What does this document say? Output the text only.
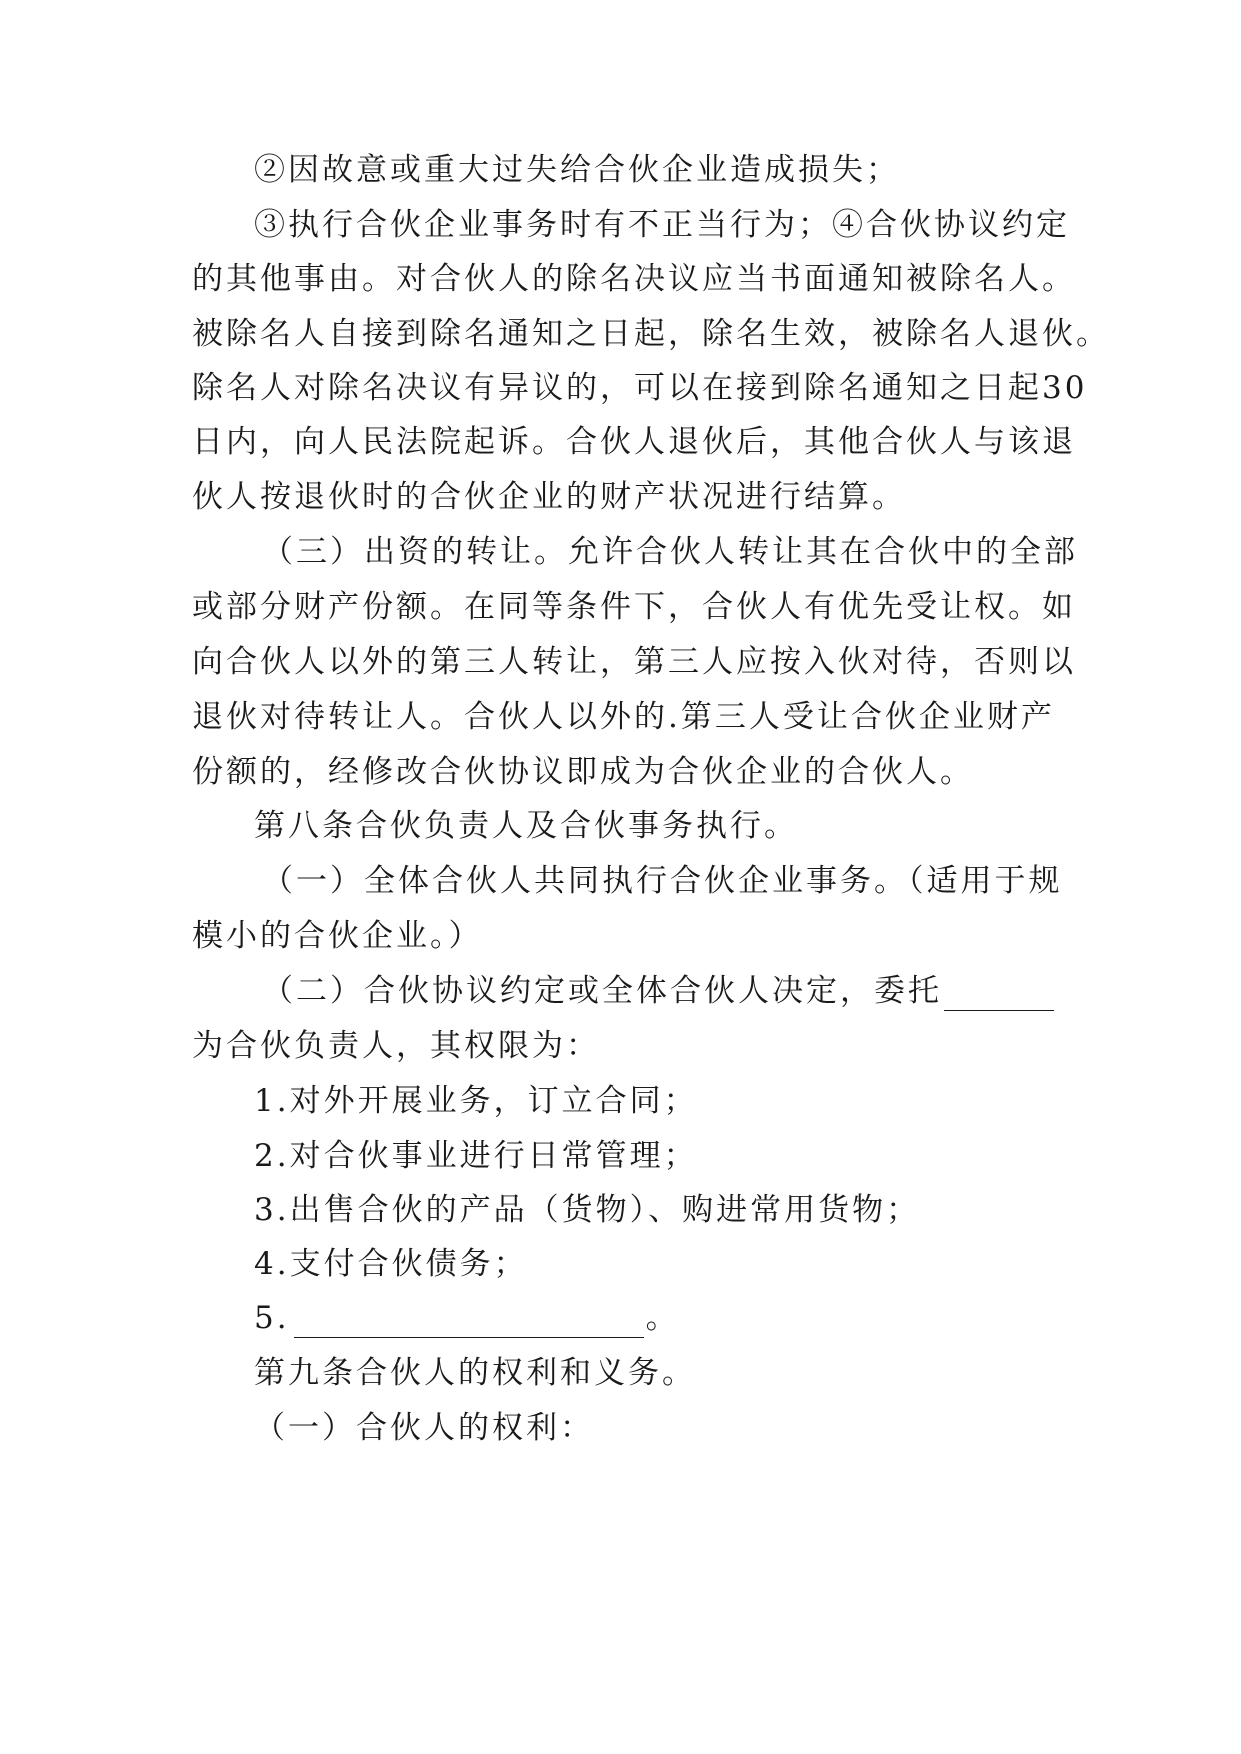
②因故意或重大过失给合伙企业造成损失；
③执行合伙企业事务时有不正当行为；④合伙协议约定
的其他事由。对合伙人的除名决议应当书面通知被除名人。
被除名人自接到除名通知之日起，除名生效，被除名人退伙。
除名人对除名决议有异议的，可以在接到除名通知之日起30
日内，向人民法院起诉。合伙人退伙后，其他合伙人与该退
伙人按退伙时的合伙企业的财产状况进行结算。
（三）出资的转让。允许合伙人转让其在合伙中的全部
或部分财产份额。在同等条件下，合伙人有优先受让权。如
向合伙人以外的第三人转让，第三人应按入伙对待，否则以
退伙对待转让人。合伙人以外的.第三人受让合伙企业财产
份额的，经修改合伙协议即成为合伙企业的合伙人。
第八条合伙负责人及合伙事务执行。
（一）全体合伙人共同执行合伙企业事务。（适用于规
模小的合伙企业。）
（二）合伙协议约定或全体合伙人决定，委托
为合伙负责人，其权限为：
1.对外开展业务，订立合同；
2.对合伙事业进行日常管理；
3.出售合伙的产品（货物）、购进常用货物；
4.支付合伙债务；
5.	。
第九条合伙人的权利和义务。
（一）合伙人的权利：
